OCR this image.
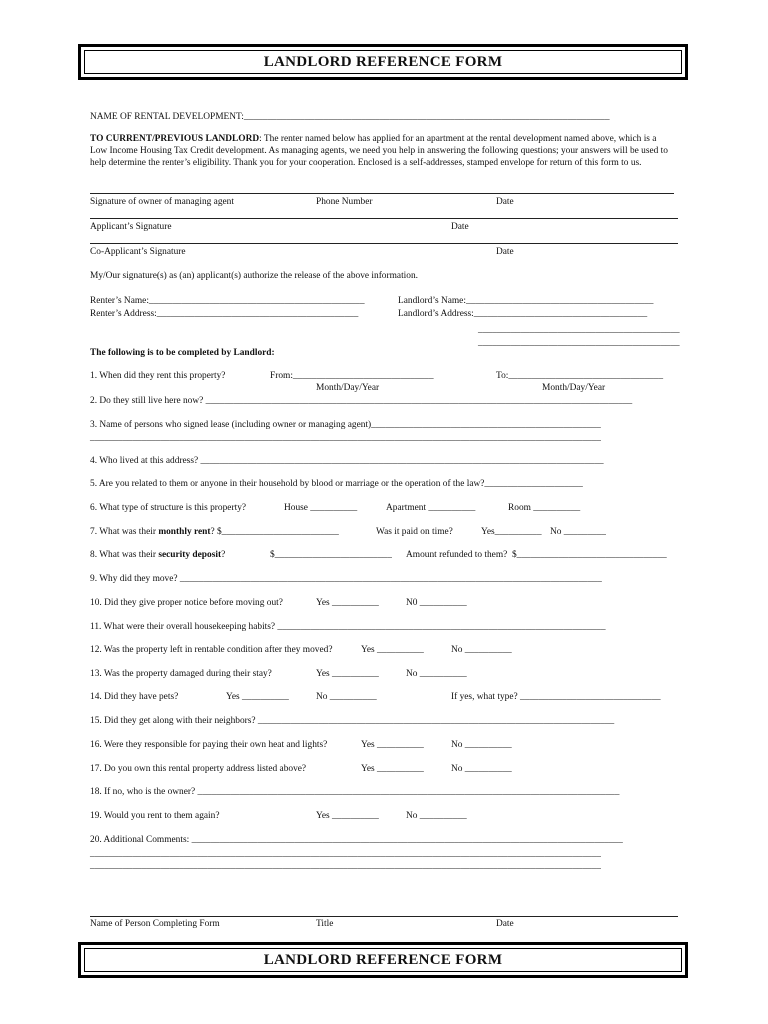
LANDLORD REFERENCE FORM
NAME OF RENTAL DEVELOPMENT:______________________________________________________________________________
TO CURRENT/PREVIOUS LANDLORD: The renter named below has applied for an apartment at the rental development named above, which is a Low Income Housing Tax Credit development. As managing agents, we need you help in answering the following questions; your answers will be used to help determine the renter’s eligibility. Thank you for your cooperation. Enclosed is a self-addresses, stamped envelope for return of this form to us.
Signature of owner of managing agent	Phone Number	Date
Applicant’s Signature	Date
Co-Applicant’s Signature	Date
My/Our signature(s) as (an) applicant(s) authorize the release of the above information.
Renter’s Name:______________________________________________	Landlord’s Name:________________________________________
Renter’s Address:___________________________________________	Landlord’s Address:_____________________________________
___________________________________________
___________________________________________
The following is to be completed by Landlord:
1. When did they rent this property?	From:______________________________	To:_________________________________
Month/Day/Year	Month/Day/Year
2. Do they still live here now? ___________________________________________________________________________________________
3. Name of persons who signed lease (including owner or managing agent)_________________________________________________
_____________________________________________________________________________________________________________
4. Who lived at this address? ______________________________________________________________________________________
5. Are you related to them or anyone in their household by blood or marriage or the operation of the law?_____________________
6. What type of structure is this property?	House __________	Apartment __________	Room __________
7. What was their monthly rent? $_________________________	Was it paid on time?	Yes__________ No _________
8. What was their security deposit?	$_________________________ Amount refunded to them?  $________________________________
9. Why did they move? __________________________________________________________________________________________
10. Did they give proper notice before moving out?	Yes __________	N0 __________
11. What were their overall housekeeping habits? ______________________________________________________________________
12. Was the property left in rentable condition after they moved?	Yes __________	No __________
13. Was the property damaged during their stay?	Yes __________	No __________
14. Did they have pets?	Yes __________	No __________	If yes, what type? ______________________________
15. Did they get along with their neighbors? ____________________________________________________________________________
16. Were they responsible for paying their own heat and lights?	Yes __________	No __________
17. Do you own this rental property address listed above?	Yes __________	No __________
18. If no, who is the owner? __________________________________________________________________________________________
19. Would you rent to them again?	Yes __________	No __________
20. Additional Comments: ____________________________________________________________________________________________
_____________________________________________________________________________________________________________
_____________________________________________________________________________________________________________
Name of Person Completing Form	Title	Date
LANDLORD REFERENCE FORM
